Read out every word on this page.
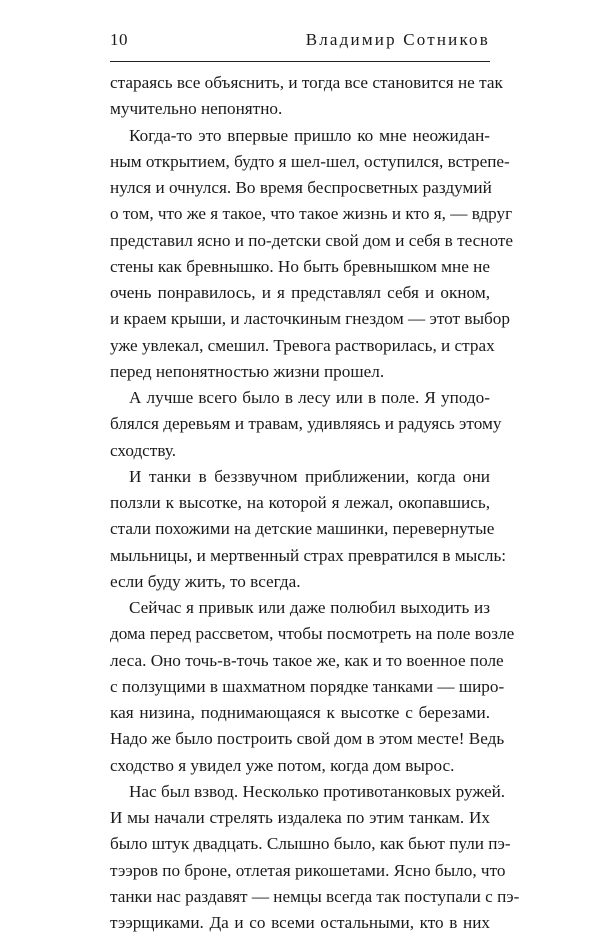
10	Владимир Сотников
стараясь все объяснить, и тогда все становится не так
мучительно непонятно.
Когда-то это впервые пришло ко мне неожидан-
ным открытием, будто я шел-шел, оступился, встрепе-
нулся и очнулся. Во время беспросветных раздумий
о том, что же я такое, что такое жизнь и кто я, — вдруг
представил ясно и по-детски свой дом и себя в тесноте
стены как бревнышко. Но быть бревнышком мне не
очень понравилось, и я представлял себя и окном,
и краем крыши, и ласточкиным гнездом — этот выбор
уже увлекал, смешил. Тревога растворилась, и страх
перед непонятностью жизни прошел.
А лучше всего было в лесу или в поле. Я уподо-
блялся деревьям и травам, удивляясь и радуясь этому
сходству.
И танки в беззвучном приближении, когда они
ползли к высотке, на которой я лежал, окопавшись,
стали похожими на детские машинки, перевернутые
мыльницы, и мертвенный страх превратился в мысль:
если буду жить, то всегда.
Сейчас я привык или даже полюбил выходить из
дома перед рассветом, чтобы посмотреть на поле возле
леса. Оно точь-в-точь такое же, как и то военное поле
с ползущими в шахматном порядке танками — широ-
кая низина, поднимающаяся к высотке с березами.
Надо же было построить свой дом в этом месте! Ведь
сходство я увидел уже потом, когда дом вырос.
Нас был взвод. Несколько противотанковых ружей.
И мы начали стрелять издалека по этим танкам. Их
было штук двадцать. Слышно было, как бьют пули пэ-
тээров по броне, отлетая рикошетами. Ясно было, что
танки нас раздавят — немцы всегда так поступали с пэ-
тээрщиками. Да и со всеми остальными, кто в них
